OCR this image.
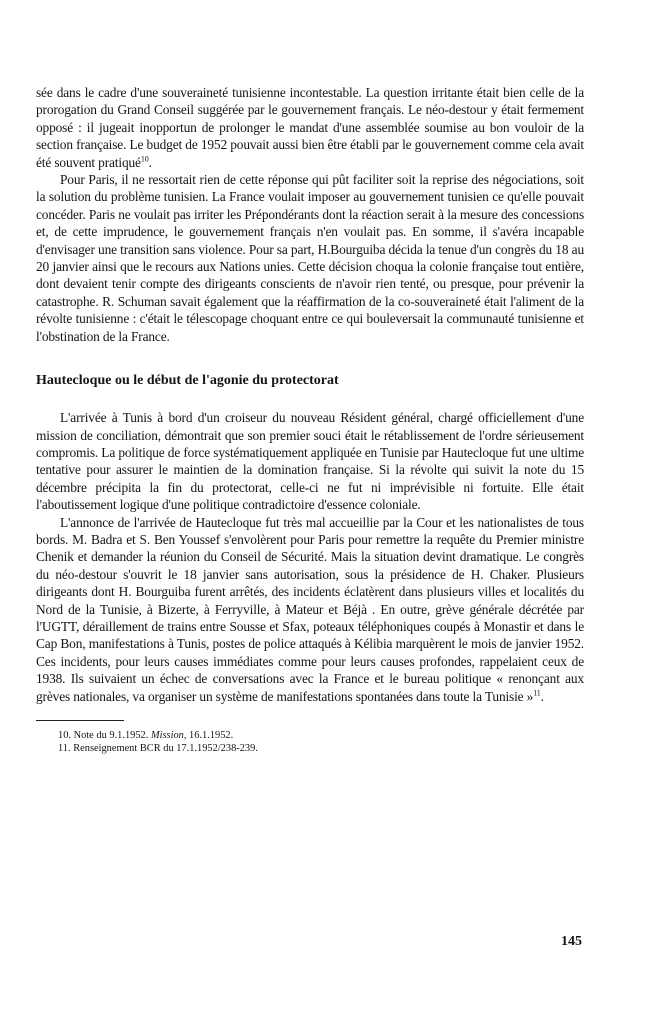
sée dans le cadre d'une souveraineté tunisienne incontestable. La question irritante était bien celle de la prorogation du Grand Conseil suggérée par le gouvernement français. Le néo-destour y était fermement opposé : il jugeait inopportun de prolonger le mandat d'une assemblée soumise au bon vouloir de la section française. Le budget de 1952 pouvait aussi bien être établi par le gouvernement comme cela avait été souvent pratiqué$^{10}$.

Pour Paris, il ne ressortait rien de cette réponse qui pût faciliter soit la reprise des négociations, soit la solution du problème tunisien. La France voulait imposer au gouvernement tunisien ce qu'elle pouvait concéder. Paris ne voulait pas irriter les Prépondérants dont la réaction serait à la mesure des concessions et, de cette imprudence, le gouvernement français n'en voulait pas. En somme, il s'avéra incapable d'envisager une transition sans violence. Pour sa part, H.Bourguiba décida la tenue d'un congrès du 18 au 20 janvier ainsi que le recours aux Nations unies. Cette décision choqua la colonie française tout entière, dont devaient tenir compte des dirigeants conscients de n'avoir rien tenté, ou presque, pour prévenir la catastrophe. R. Schuman savait également que la réaffirmation de la co-souveraineté était l'aliment de la révolte tunisienne : c'était le télescopage choquant entre ce qui bouleversait la communauté tunisienne et l'obstination de la France.

Hautecloque ou le début de l'agonie du protectorat

L'arrivée à Tunis à bord d'un croiseur du nouveau Résident général, chargé officiellement d'une mission de conciliation, démontrait que son premier souci était le rétablissement de l'ordre sérieusement compromis. La politique de force systématiquement appliquée en Tunisie par Hautecloque fut une ultime tentative pour assurer le maintien de la domination française. Si la révolte qui suivit la note du 15 décembre précipita la fin du protectorat, celle-ci ne fut ni imprévisible ni fortuite. Elle était l'aboutissement logique d'une politique contradictoire d'essence coloniale.

L'annonce de l'arrivée de Hautecloque fut très mal accueillie par la Cour et les nationalistes de tous bords. M. Badra et S. Ben Youssef s'envolèrent pour Paris pour remettre la requête du Premier ministre Chenik et demander la réunion du Conseil de Sécurité. Mais la situation devint dramatique. Le congrès du néo-destour s'ouvrit le 18 janvier sans autorisation, sous la présidence de H. Chaker. Plusieurs dirigeants dont H. Bourguiba furent arrêtés, des incidents éclatèrent dans plusieurs villes et localités du Nord de la Tunisie, à Bizerte, à Ferryville, à Mateur et Béjà . En outre, grève générale décrétée par l'UGTT, déraillement de trains entre Sousse et Sfax, poteaux téléphoniques coupés à Monastir et dans le Cap Bon, manifestations à Tunis, postes de police attaqués à Kélibia marquèrent le mois de janvier 1952. Ces incidents, pour leurs causes immédiates comme pour leurs causes profondes, rappelaient ceux de 1938. Ils suivaient un échec de conversations avec la France et le bureau politique « renonçant aux grèves nationales, va organiser un système de manifestations spontanées dans toute la Tunisie »$^{11}$.

10. Note du 9.1.1952. Mission, 16.1.1952.
11. Renseignement BCR du 17.1.1952/238-239.
145
